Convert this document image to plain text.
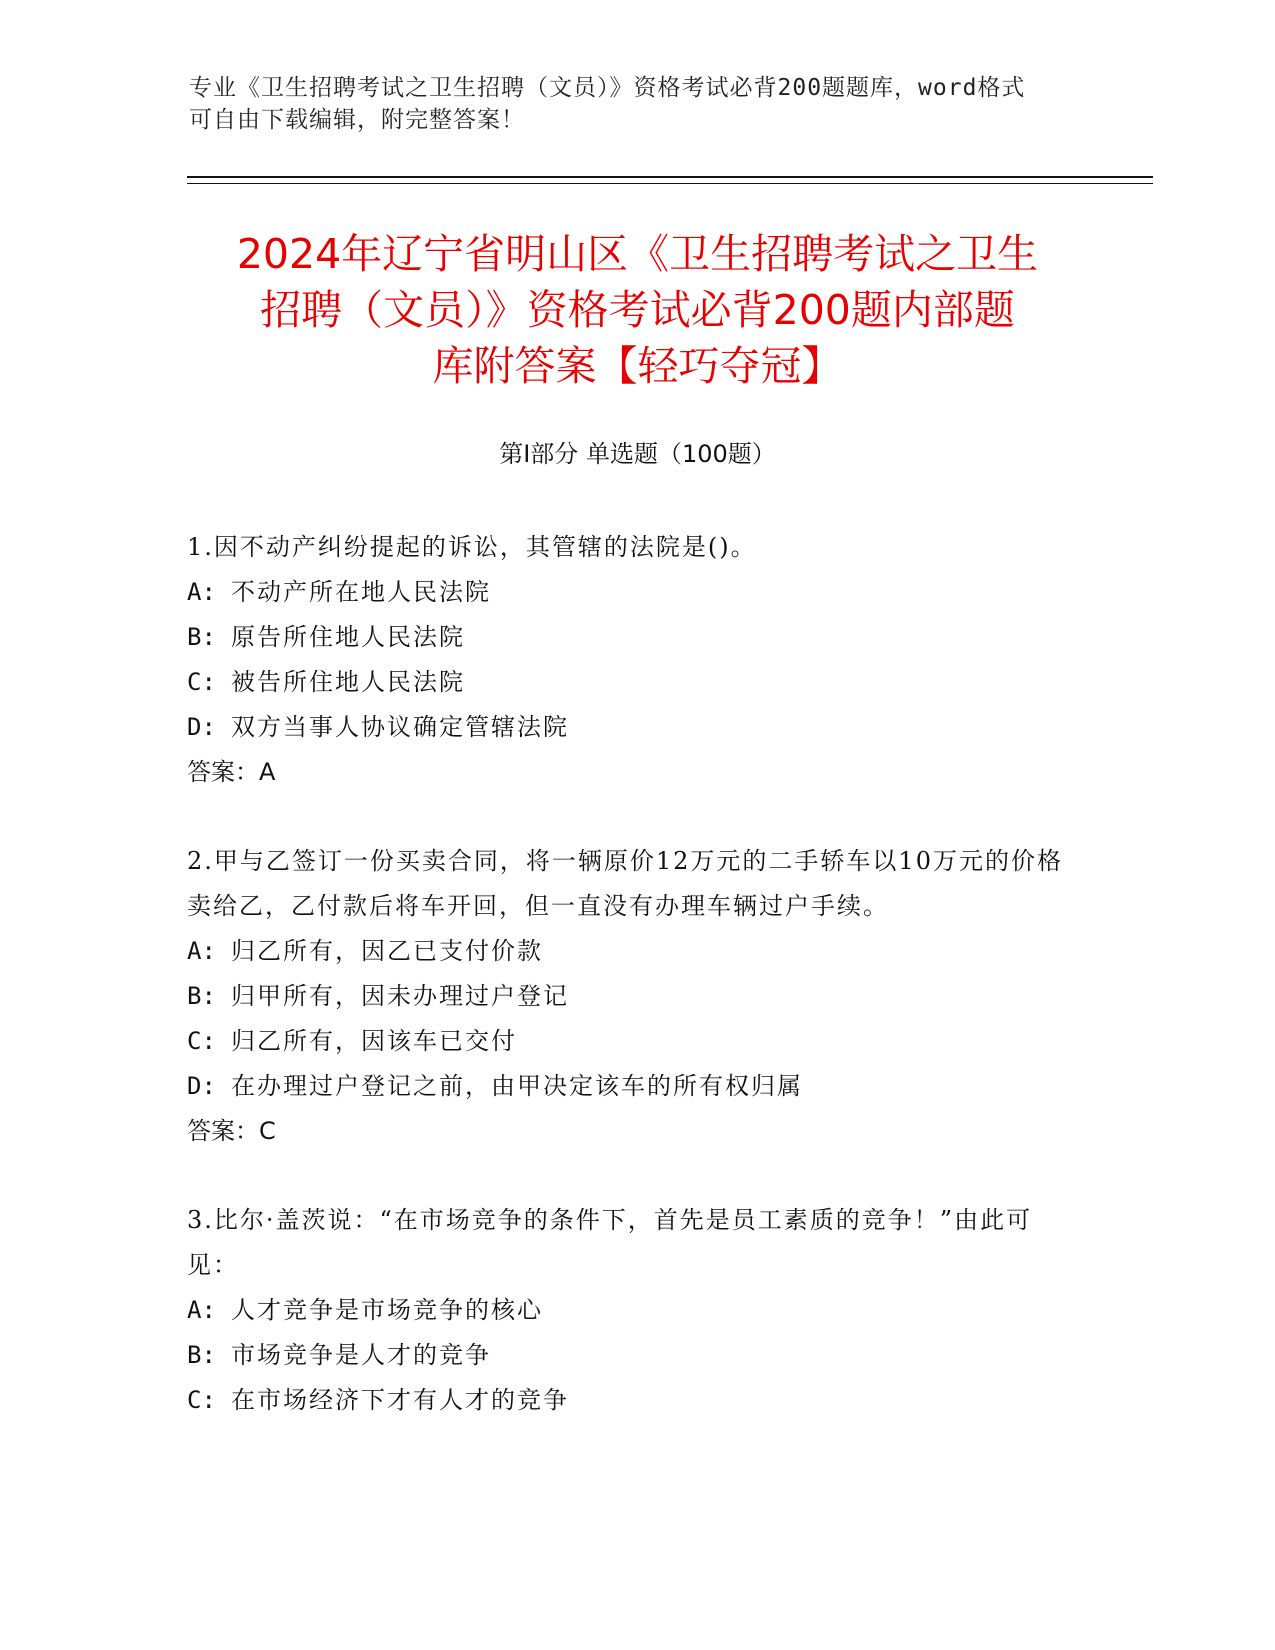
专业《卫生招聘考试之卫生招聘（文员）》资格考试必背200题题库，word格式
可自由下载编辑，附完整答案！
2024年辽宁省明山区《卫生招聘考试之卫生
招聘（文员）》资格考试必背200题内部题
库附答案【轻巧夺冠】
第Ⅰ部分 单选题（100题）
1.因不动产纠纷提起的诉讼，其管辖的法院是()。
A: 不动产所在地人民法院
B: 原告所住地人民法院
C: 被告所住地人民法院
D: 双方当事人协议确定管辖法院
答案：A
2.甲与乙签订一份买卖合同，将一辆原价12万元的二手轿车以10万元的价格卖给乙，乙付款后将车开回，但一直没有办理车辆过户手续。
A: 归乙所有，因乙已支付价款
B: 归甲所有，因未办理过户登记
C: 归乙所有，因该车已交付
D: 在办理过户登记之前，由甲决定该车的所有权归属
答案：C
3.比尔·盖茨说：“在市场竞争的条件下，首先是员工素质的竞争！”由此可见：
A: 人才竞争是市场竞争的核心
B: 市场竞争是人才的竞争
C: 在市场经济下才有人才的竞争
